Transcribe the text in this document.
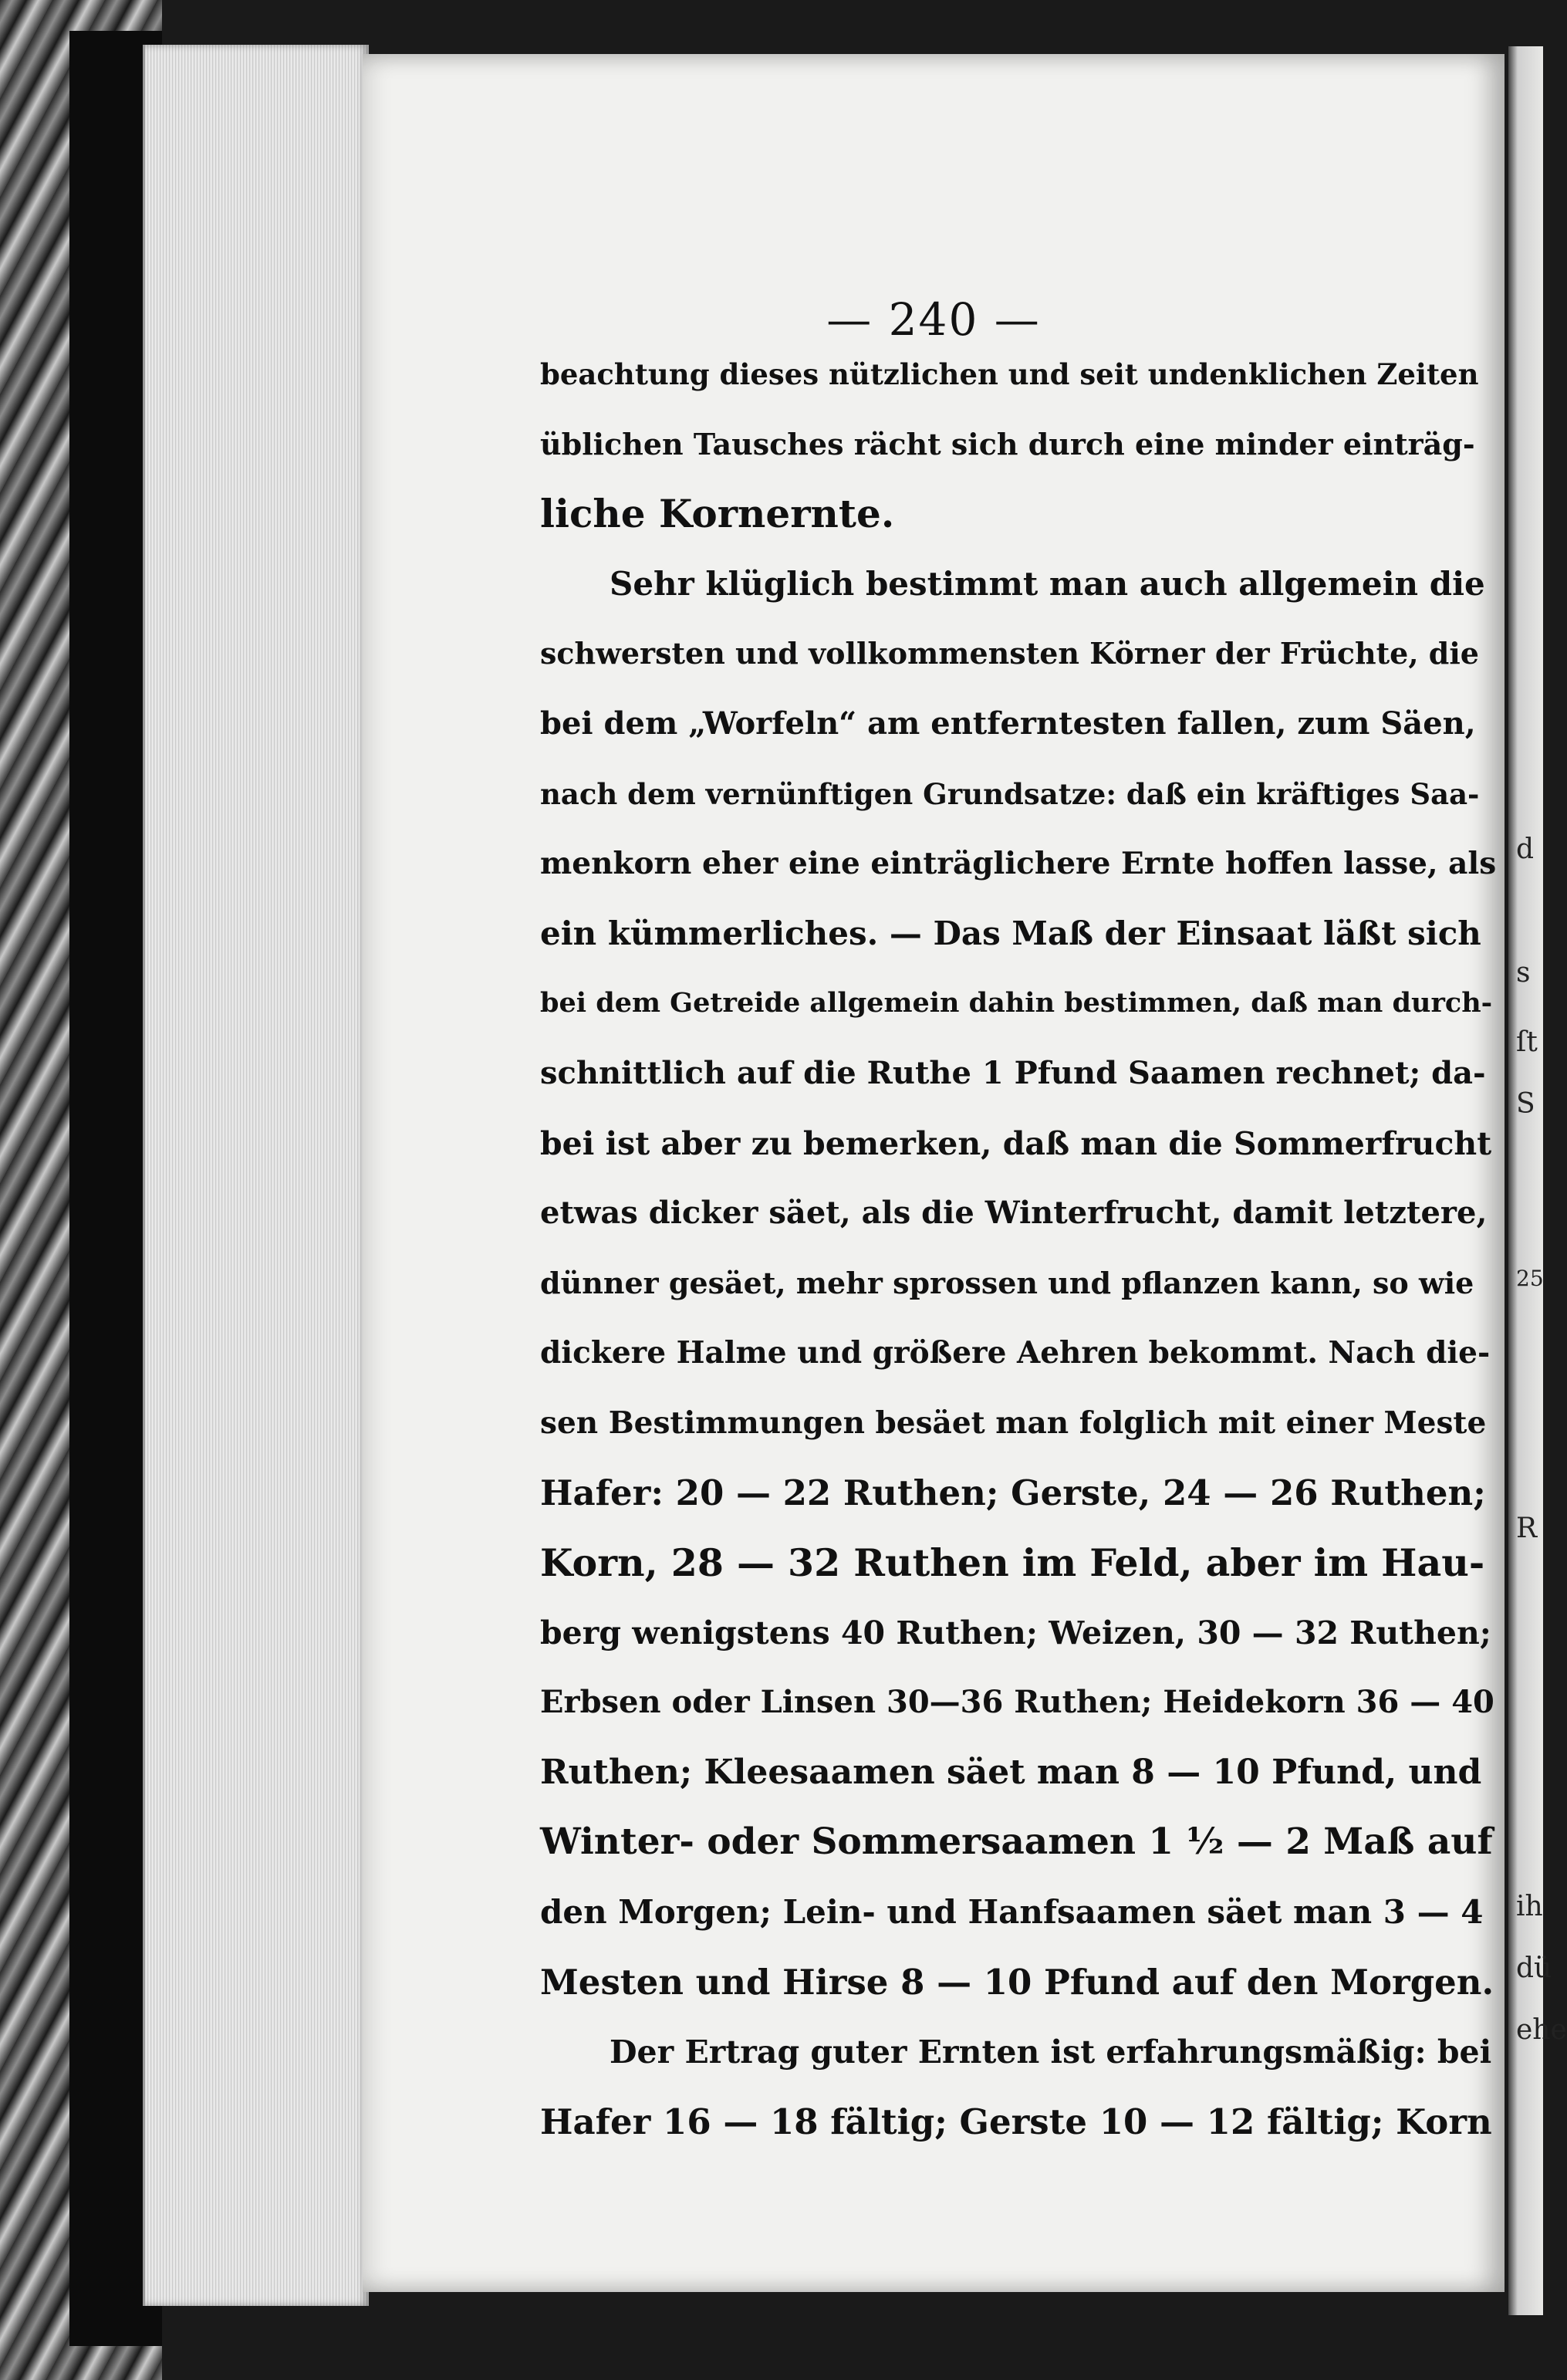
— 240 —
d
s
ſt
S
25
R
ih
dü
ehe
beachtung dieses nützlichen und seit undenklichen Zeiten
üblichen Tausches rächt sich durch eine minder einträg-
liche Kornernte.
Sehr klüglich bestimmt man auch allgemein die
schwersten und vollkommensten Körner der Früchte, die
bei dem „Worfeln“ am entferntesten fallen, zum Säen,
nach dem vernünftigen Grundsatze: daß ein kräftiges Saa-
menkorn eher eine einträglichere Ernte hoffen lasse, als
ein kümmerliches. — Das Maß der Einsaat läßt sich
bei dem Getreide allgemein dahin bestimmen, daß man durch-
schnittlich auf die Ruthe 1 Pfund Saamen rechnet; da-
bei ist aber zu bemerken, daß man die Sommerfrucht
etwas dicker säet, als die Winterfrucht, damit letztere,
dünner gesäet, mehr sprossen und pflanzen kann, so wie
dickere Halme und größere Aehren bekommt. Nach die-
sen Bestimmungen besäet man folglich mit einer Meste
Hafer: 20 — 22 Ruthen; Gerste, 24 — 26 Ruthen;
Korn, 28 — 32 Ruthen im Feld, aber im Hau-
berg wenigstens 40 Ruthen; Weizen, 30 — 32 Ruthen;
Erbsen oder Linsen 30—36 Ruthen; Heidekorn 36 — 40
Ruthen; Kleesaamen säet man 8 — 10 Pfund, und
Winter- oder Sommersaamen 1 ½ — 2 Maß auf
den Morgen; Lein- und Hanfsaamen säet man 3 — 4
Mesten und Hirse 8 — 10 Pfund auf den Morgen.
Der Ertrag guter Ernten ist erfahrungsmäßig: bei
Hafer 16 — 18 fältig; Gerste 10 — 12 fältig; Korn
